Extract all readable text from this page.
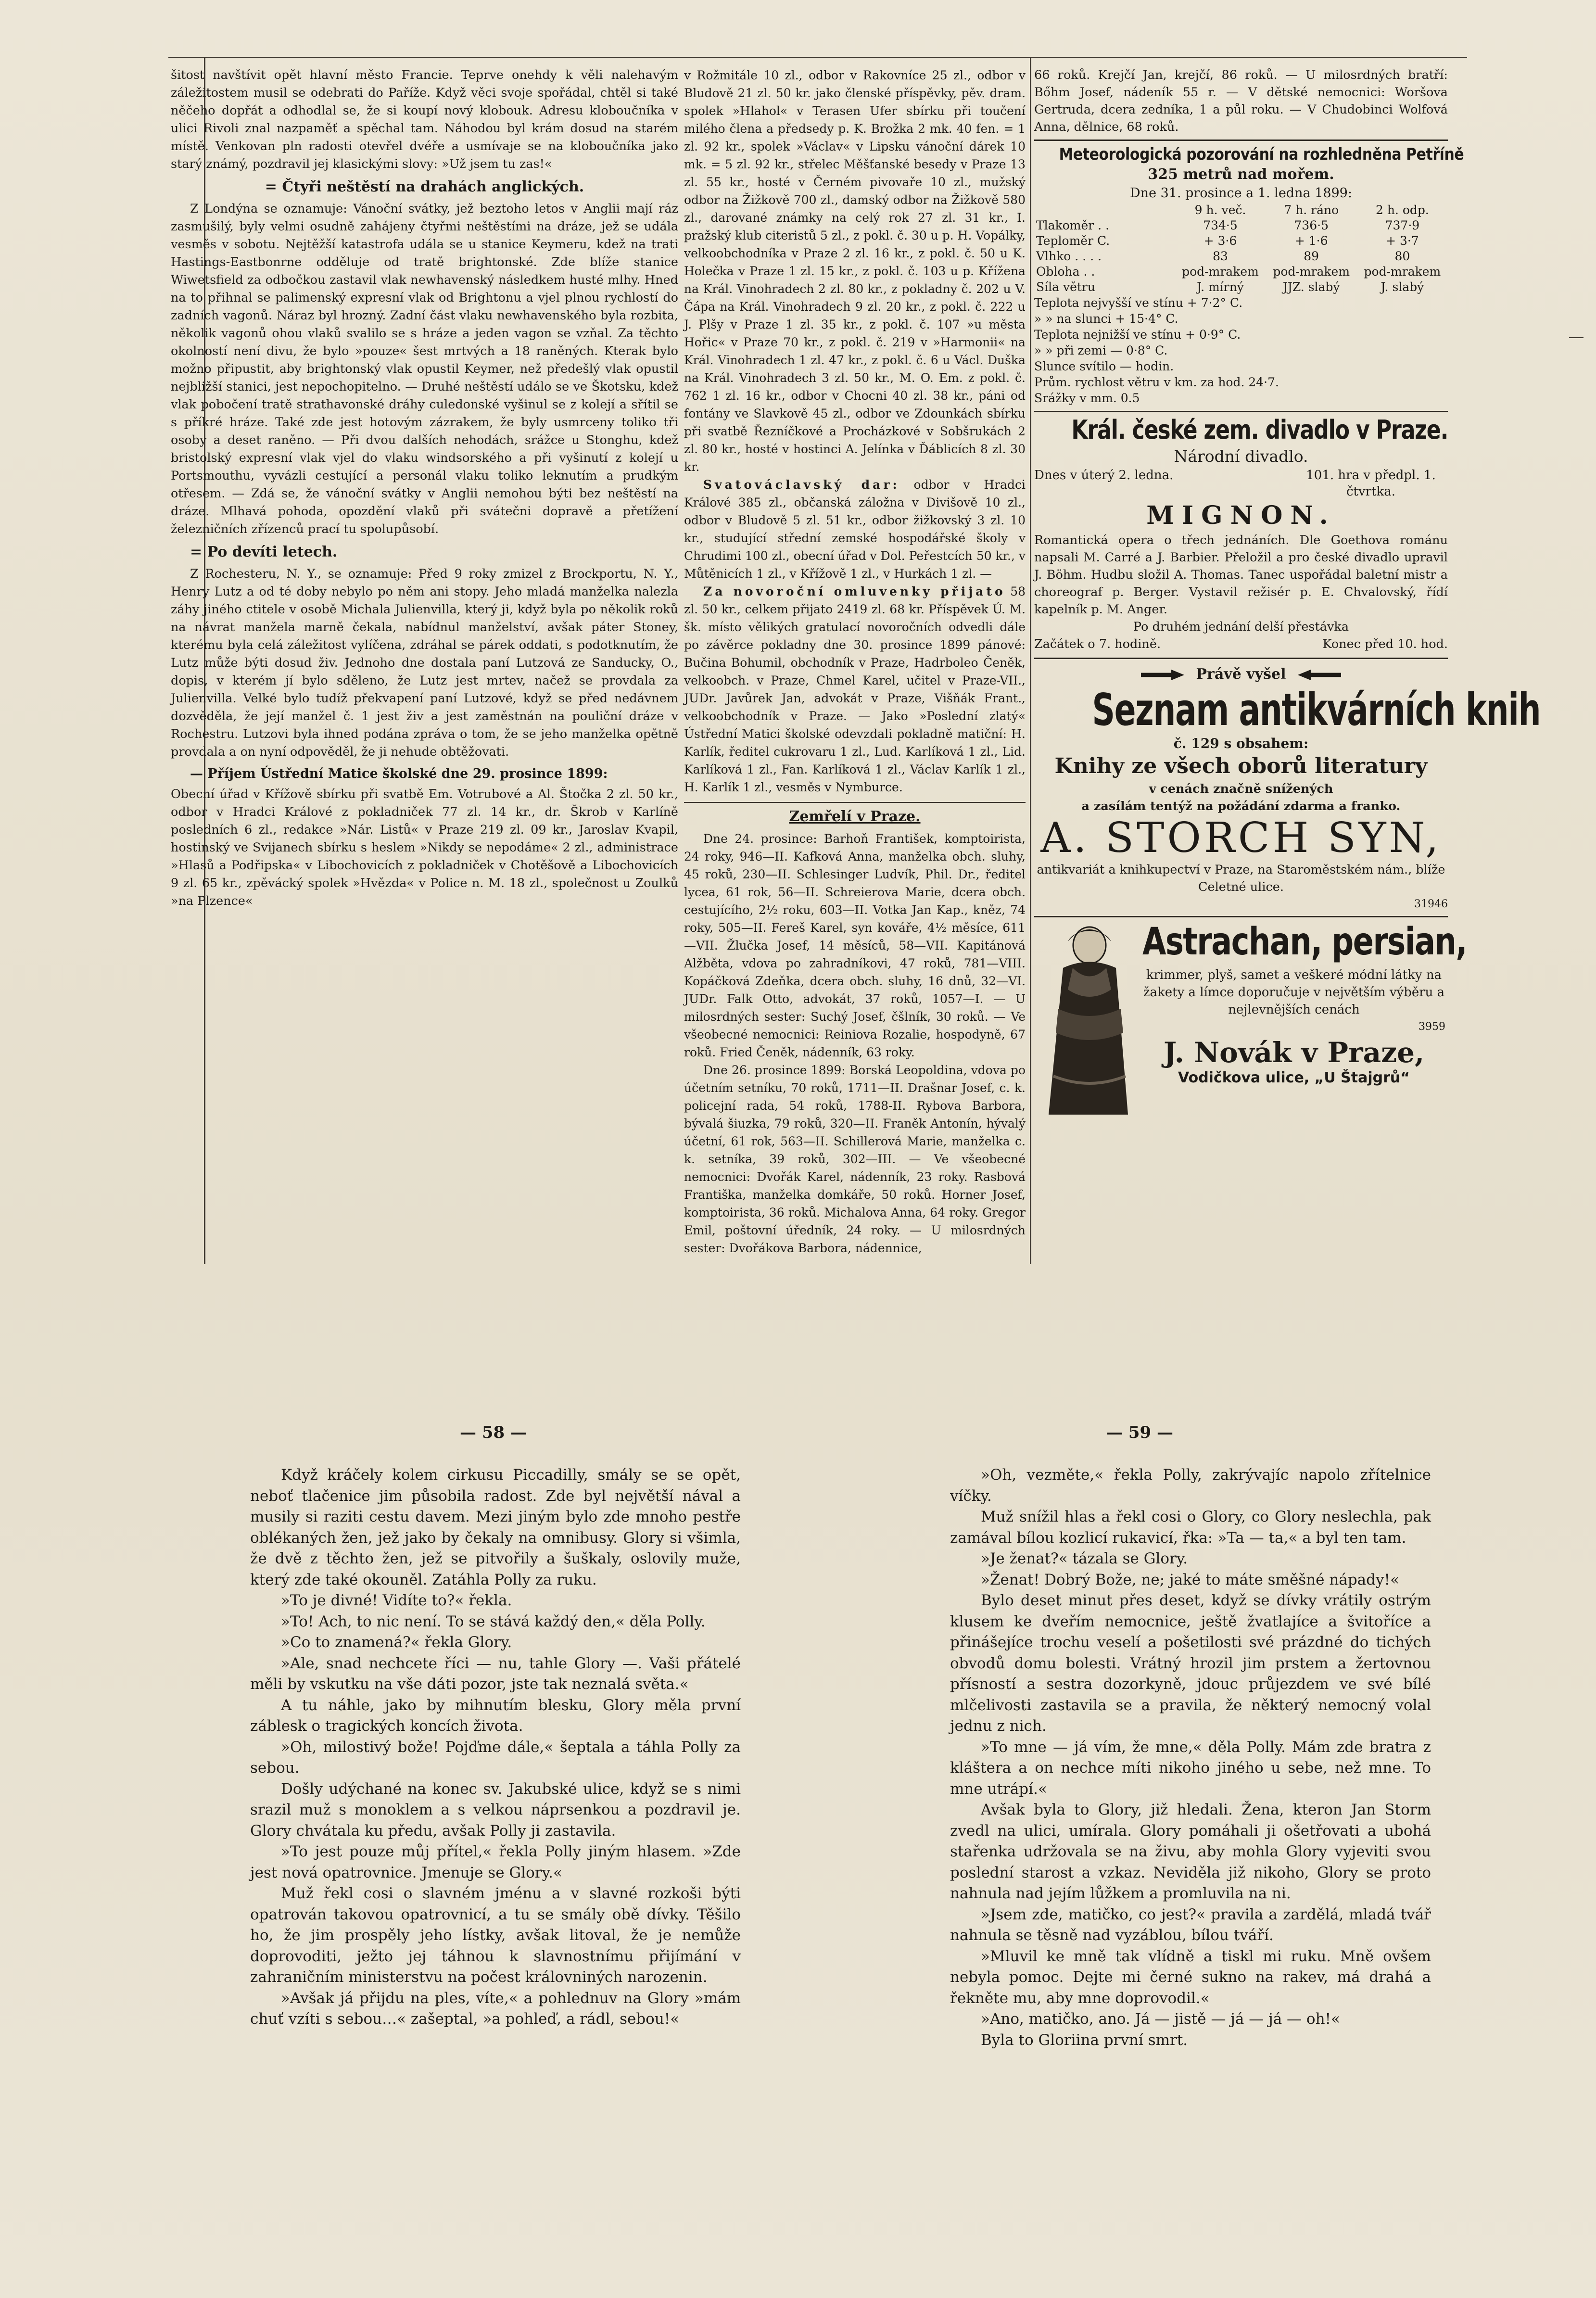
šitost navštívit opět hlavní město Francie. Teprve onehdy k věli nalehavým záležitostem musil se odebrati do Paříže. Když věci svoje spořádal, chtěl si také něčeho dopřát a odhodlal se, že si koupí nový klobouk. Adresu kloboučníka v ulici Rivoli znal nazpaměť a spěchal tam. Náhodou byl krám dosud na starém místě. Venkovan pln radosti otevřel dvéře a usmívaje se na kloboučníka jako starý známý, pozdravil jej klasickými slovy: »Už jsem tu zas!«

= Čtyři neštěstí na drahách anglických.

Z Londýna se oznamuje: Vánoční svátky, jež beztoho letos v Anglii mají ráz zasmušilý, byly velmi osudně zahájeny čtyřmi neštěstími na dráze, jež se udála vesměs v sobotu. Nejtěžší katastrofa udála se u stanice Keymeru, kdež na trati Hastings-Eastbonrne odděluje od tratě brightonské. Zde blíže stanice Wiwetsfield za odbočkou zastavil vlak newhavenský následkem husté mlhy. Hned na to přihnal se palimenský expresní vlak od Brightonu a vjel plnou rychlostí do zadních vagonů. Náraz byl hrozný. Zadní část vlaku newhavenského byla rozbita, několik vagonů ohou vlaků svalilo se s hráze a jeden vagon se vzňal. Za těchto okolností není divu, že bylo »pouze« šest mrtvých a 18 raněných. Kterak bylo možno připustit, aby brightonský vlak opustil Keymer, než předešlý vlak opustil nejbližší stanici, jest nepochopitelno. — Druhé neštěstí událo se ve Škotsku, kdež vlak pobočení tratě strathavonské dráhy culedonské vyšinul se z kolejí a sřítil se s příkré hráze. Také zde jest hotovým zázrakem, že byly usmrceny toliko tři osoby a deset raněno. — Při dvou dalších nehodách, srážce u Stonghu, kdež bristolský expresní vlak vjel do vlaku windsorského a při vyšinutí z kolejí u Portsmouthu, vyvázli cestující a personál vlaku toliko leknutím a prudkým otřesem. — Zdá se, že vánoční svátky v Anglii nemohou býti bez neštěstí na dráze. Mlhavá pohoda, opozdění vlaků při svátečni dopravě a přetížení železničních zřízenců prací tu spolupůsobí.

= Po devíti letech.

Z Rochesteru, N. Y., se oznamuje: Před 9 roky zmizel z Brockportu, N. Y., Henry Lutz a od té doby nebylo po něm ani stopy. Jeho mladá manželka nalezla záhy jiného ctitele v osobě Michala Julienvilla, který ji, když byla po několik roků na návrat manžela marně čekala, nabídnul manželství, avšak páter Stoney, kterému byla celá záležitost vylíčena, zdráhal se párek oddati, s podotknutím, že Lutz může býti dosud živ. Jednoho dne dostala paní Lutzová ze Sanducky, O., dopis, v kterém jí bylo sděleno, že Lutz jest mrtev, načež se provdala za Julienvilla. Velké bylo tudíž překvapení paní Lutzové, když se před nedávnem dozvěděla, že její manžel č. 1 jest živ a jest zaměstnán na pouliční dráze v Rochestru. Lutzovi byla ihned podána zpráva o tom, že se jeho manželka opětně provdala a on nyní odpověděl, že ji nehude obtěžovati.

— Příjem Ústřední Matice školské dne 29. prosince 1899:

Obecní úřad v Křížově sbírku při svatbě Em. Votrubové a Al. Štočka 2 zl. 50 kr., odbor v Hradci Králové z pokladniček 77 zl. 14 kr., dr. Škrob v Karlíně posledních 6 zl., redakce »Nár. Listů« v Praze 219 zl. 09 kr., Jaroslav Kvapil, hostinský ve Svijanech sbírku s heslem »Nikdy se nepodáme« 2 zl., administrace »Hlasů a Podřipska« v Libochovicích z pokladniček v Chotěšově a Libochovicích 9 zl. 65 kr., zpěvácký spolek »Hvězda« v Police n. M. 18 zl., společnost u Zoulků »na Plzence«

v Rožmitále 10 zl., odbor v Rakovníce 25 zl., odbor v Bludově 21 zl. 50 kr. jako členské příspěvky, pěv. dram. spolek »Hlahol« v Terasen Ufer sbírku při toučení milého člena a předsedy p. K. Brožka 2 mk. 40 fen. = 1 zl. 92 kr., spolek »Václav« v Lipsku vánoční dárek 10 mk. = 5 zl. 92 kr., střelec Měšťanské besedy v Praze 13 zl. 55 kr., hosté v Černém pivovaře 10 zl., mužský odbor na Žižkově 700 zl., damský odbor na Žižkově 580 zl., darované známky na celý rok 27 zl. 31 kr., I. pražský klub citeristů 5 zl., z pokl. č. 30 u p. H. Vopálky, velkoobchodníka v Praze 2 zl. 16 kr., z pokl. č. 50 u K. Holečka v Praze 1 zl. 15 kr., z pokl. č. 103 u p. Kříženа na Král. Vinohradech 2 zl. 80 kr., z pokladny č. 202 u V. Čápa na Král. Vinohradech 9 zl. 20 kr., z pokl. č. 222 u J. Plšy v Praze 1 zl. 35 kr., z pokl. č. 107 »u města Hořic« v Praze 70 kr., z pokl. č. 219 v »Harmonii« na Král. Vinohradech 1 zl. 47 kr., z pokl. č. 6 u Václ. Duška na Král. Vinohradech 3 zl. 50 kr., M. O. Em. z pokl. č. 762 1 zl. 16 kr., odbor v Chocni 40 zl. 38 kr., páni od fontány ve Slavkově 45 zl., odbor ve Zdounkách sbírku při svatbě Řezníčkové a Procházkové v Sobšrukách 2 zl. 80 kr., hosté v hostinci A. Jelínka v Ďáblicích 8 zl. 30 kr.

Svatováclavský dar: odbor v Hradci Králové 385 zl., občanská záložna v Divišově 10 zl., odbor v Bludově 5 zl. 51 kr., odbor žižkovský 3 zl. 10 kr., studující střední zemské hospodářské školy v Chrudimi 100 zl., obecní úřad v Dol. Peřestcích 50 kr., v Můtěnicích 1 zl., v Křížově 1 zl., v Hurkách 1 zl. —

Za novoroční omluvenky přijato 58 zl. 50 kr., celkem přijato 2419 zl. 68 kr. Příspěvek Ú. M. šk. místo vělikých gratulací novoročních odvedli dále po závěrce pokladny dne 30. prosince 1899 pánové: Bučina Bohumil, obchodník v Praze, Hadrboleo Čeněk, velkoobch. v Praze, Chmel Karel, učitel v Praze-VII., JUDr. Javůrek Jan, advokát v Praze, Višňák Frant., velkoobchodník v Praze. — Jako »Poslední zlatý« Ústřední Matici školské odevzdali pokladně matiční: H. Karlík, ředitel cukrovaru 1 zl., Lud. Karlíková 1 zl., Lid. Karlíková 1 zl., Fan. Karlíková 1 zl., Václav Karlík 1 zl., H. Karlík 1 zl., vesměs v Nymburce.

Zemřelí v Praze.

Dne 24. prosince: Barhoň František, komptoirista, 24 roky, 946—II. Kafková Anna, manželka obch. sluhy, 45 roků, 230—II. Schlesinger Ludvík, Phil. Dr., ředitel lycea, 61 rok, 56—II. Schreierova Marie, dcera obch. cestujícího, 2½ roku, 603—II. Votka Jan Kap., kněz, 74 roky, 505—II. Fereš Karel, syn kováře, 4½ měsíce, 611—VII. Žlučka Josef, 14 měsíců, 58—VII. Kapitánová Alžběta, vdova po zahradníkovi, 47 roků, 781—VIII. Kopáčková Zdeňka, dcera obch. sluhy, 16 dnů, 32—VI. JUDr. Falk Otto, advokát, 37 roků, 1057—I. — U milosrdných sester: Suchý Josef, čšlník, 30 roků. — Ve všeobecné nemocnici: Reiniova Rozalie, hospodyně, 67 roků. Fried Čeněk, nádenník, 63 roky.

Dne 26. prosince 1899: Borská Leopoldina, vdova po účetním setníku, 70 roků, 1711—II. Drašnar Josef, c. k. policejní rada, 54 roků, 1788-II. Rybova Barbora, bývalá šiuzka, 79 roků, 320—II. Franěk Antonín, hývalý účetní, 61 rok, 563—II. Schillerová Marie, manželka c. k. setníka, 39 roků, 302—III. — Ve všeobecné nemocnici: Dvořák Karel, nádenník, 23 roky. Rasbová Františka, manželka domkáře, 50 roků. Horner Josef, komptoirista, 36 roků. Michalova Anna, 64 roky. Gregor Emil, poštovní úředník, 24 roky. — U milosrdných sester: Dvořákova Barbora, nádennice,

66 roků. Krejčí Jan, krejčí, 86 roků. — U milosrdných bratří: Bőhm Josef, nádeník 55 r. — V dětské nemocnici: Woršova Gertruda, dcera zedníka, 1 a půl roku. — V Chudobinci Wolfová Anna, dělnice, 68 roků.

Meteorologická pozorování na rozhledněna Petříně
325 metrů nad mořem.
Dne 31. prosince a 1. ledna 1899:
	9 h. več.	7 h. ráno	2 h. odp.
Tlakoměr . .	734·5	736·5	737·9
Teploměr C.	+ 3·6	+ 1·6	+ 3·7
Vlhko . . . .	83	89	80
Obloha . .	pod-mrakem	pod-mrakem	pod-mrakem
Síla větru	J. mírný	JJZ. slabý	J. slabý
Teplota nejvyšší ve stínu + 7·2° C.
» » na slunci + 15·4° C.
Teplota nejnižší ve stínu + 0·9° C.
» » při zemi — 0·8° C.
Slunce svítilo — hodin.
Prům. rychlost větru v km. za hod. 24·7.
Srážky v mm. 0.5
Král. české zem. divadlo v Praze.
Národní divadlo.
Dnes v úterý 2. ledna.	101. hra v předpl. 1. čtvrtka.
MIGNON.

Romantická opera o třech jednáních. Dle Goethova románu napsali M. Carré a J. Barbier. Přeložil a pro české divadlo upravil J. Böhm. Hudbu složil A. Thomas. Tanec uspořádal baletní mistr a choreograf p. Berger. Vystavil režisér p. E. Chvalovský, řídí kapelník p. M. Anger.

Po druhém jednání delší přestávka
Začátek o 7. hodině.	Konec před 10. hod.
Právě vyšel
Seznam antikvárních knih
č. 129 s obsahem:
Knihy ze všech oborů literatury
v cenách značně snížených
a zasílám tentýž na požádání zdarma a franko.
A. STORCH SYN,
antikvariát a knihkupectví v Praze, na Staroměstském nám., blíže Celetné ulice.
31946
Astrachan, persian,
krimmer, plyš, samet a veškeré módní látky na žakety a límce doporučuje v největším výběru a nejlevnějších cenách
3959
J. Novák v Praze,
Vodičkova ulice, „U Štajgrů“
— 58 —	— 59 —

Když kráčely kolem cirkusu Piccadilly, smály se se opět, neboť tlačenice jim působila radost. Zde byl největší nával a musily si raziti cestu davem. Mezi jiným bylo zde mnoho pestře oblékaných žen, jež jako by čekaly na omnibusy. Glory si všimla, že dvě z těchto žen, jež se pitvořily a šuškaly, oslovily muže, který zde také okouněl. Zatáhla Polly za ruku.

»To je divné! Vidíte to?« řekla.

»To! Ach, to nic není. To se stává každý den,« děla Polly.

»Co to znamená?« řekla Glory.

»Ale, snad nechcete říci — nu, tahle Glory —. Vaši přátelé měli by vskutku na vše dáti pozor, jste tak neznalá světa.«

A tu náhle, jako by mihnutím blesku, Glory měla první záblesk o tragických koncích života.

»Oh, milostivý bože! Pojďme dále,« šeptala a táhla Polly za sebou.

Došly udýchané na konec sv. Jakubské ulice, když se s nimi srazil muž s monoklem a s velkou náprsenkou a pozdravil je. Glory chvátala ku předu, avšak Polly ji zastavila.

»To jest pouze můj přítel,« řekla Polly jiným hlasem. »Zde jest nová opatrovnice. Jmenuje se Glory.«

Muž řekl cosi o slavném jménu a v slavné rozkoši býti opatrován takovou opatrovnicí, a tu se smály obě dívky. Těšilo ho, že jim prospěly jeho lístky, avšak litoval, že je nemůže doprovoditi, ježto jej táhnou k slavnostnímu přijímání v zahraničním ministerstvu na počest královniných narozenin.

»Avšak já přijdu na ples, víte,« a pohlednuv na Glory »mám chuť vzíti s sebou…« zašeptal, »a pohleď, a rádl, sebou!«

»Oh, vezměte,« řekla Polly, zakrývajíc napolo zřítelnice víčky.

Muž snížil hlas a řekl cosi o Glory, co Glory neslechla, pak zamával bílou kozlicí rukavicí, řka: »Ta — ta,« a byl ten tam.

»Je ženat?« tázala se Glory.

»Ženat! Dobrý Bože, ne; jaké to máte směšné nápady!«

Bylo deset minut přes deset, když se dívky vrátily ostrým klusem ke dveřím nemocnice, ještě žvatlajíce a švitoříce a přinášejíce trochu veselí a pošetilosti své prázdné do tichých obvodů domu bolesti. Vrátný hrozil jim prstem a žertovnou přísností a sestra dozorkyně, jdouc průjezdem ve své bílé mlčelivosti zastavila se a pravila, že některý nemocný volal jednu z nich.

»To mne — já vím, že mne,« děla Polly. Mám zde bratra z kláštera a on nechce míti nikoho jiného u sebe, než mne. To mne utrápí.«

Avšak byla to Glory, již hledali. Žena, kteron Jan Storm zvedl na ulici, umírala. Glory pomáhali ji ošetřovati a ubohá stařenka udržovala se na živu, aby mohla Glory vyjeviti svou poslední starost a vzkaz. Neviděla již nikoho, Glory se proto nahnula nad jejím lůžkem a promluvila na ni.

»Jsem zde, matičko, co jest?« pravila a zardělá, mladá tvář nahnula se těsně nad vyzáblou, bílou tváří.

»Mluvil ke mně tak vlídně a tiskl mi ruku. Mně ovšem nebyla pomoc. Dejte mi černé sukno na rakev, má drahá a řekněte mu, aby mne doprovodil.«

»Ano, matičko, ano. Já — jistě — já — já — oh!«

Byla to Gloriina první smrt.
